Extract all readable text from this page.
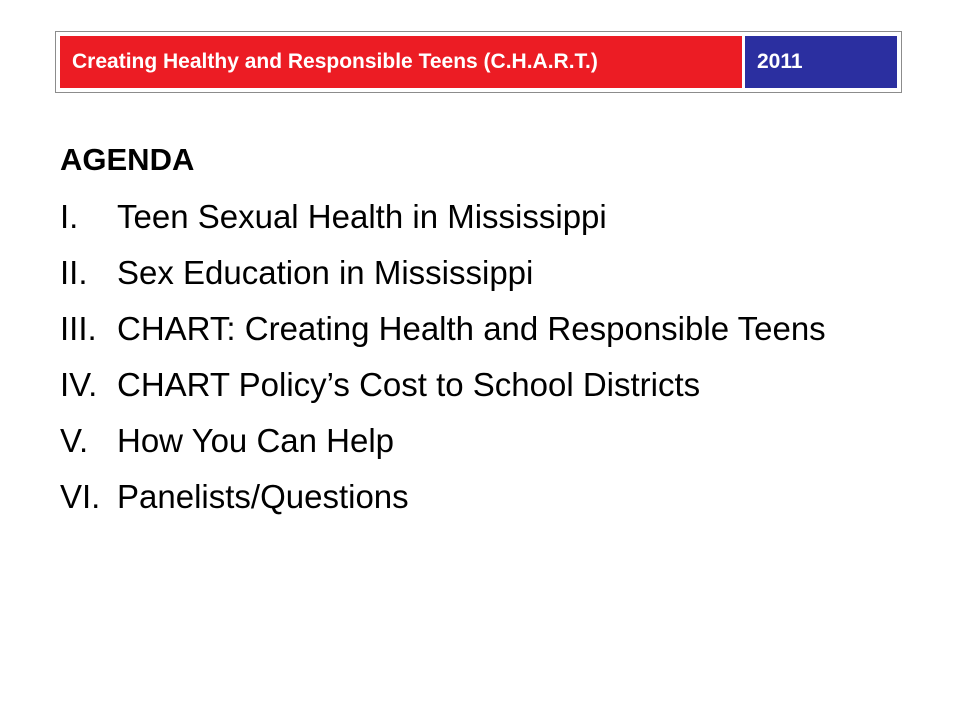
Creating Healthy and Responsible Teens (C.H.A.R.T.)	2011
AGENDA
I.	Teen Sexual Health in Mississippi
II. Sex Education in Mississippi
III. CHART: Creating Health and Responsible Teens
IV. CHART Policy’s Cost to School Districts
V. How You Can Help
VI. Panelists/Questions
